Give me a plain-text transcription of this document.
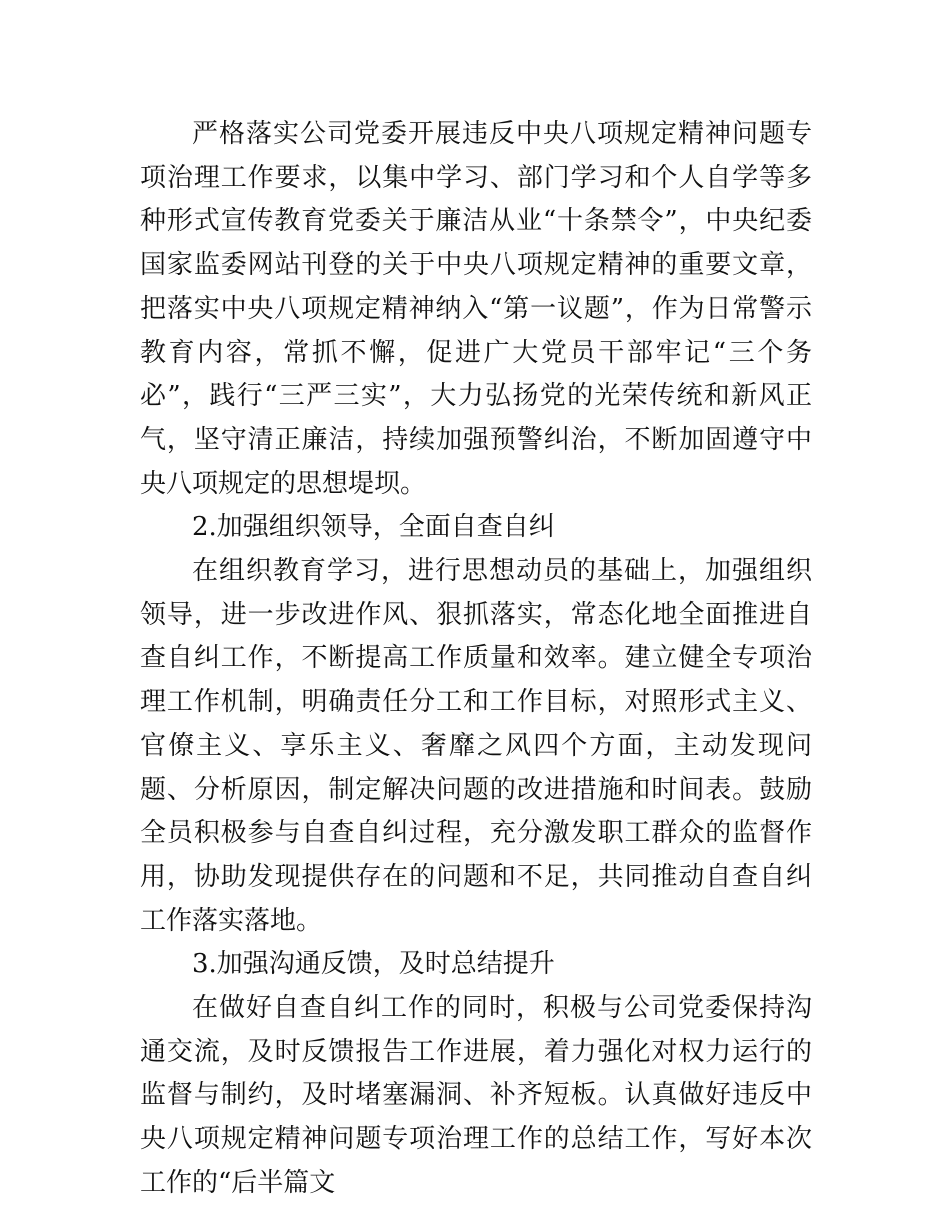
严格落实公司党委开展违反中央八项规定精神问题专项治理工作要求，以集中学习、部门学习和个人自学等多种形式宣传教育党委关于廉洁从业“十条禁令”，中央纪委国家监委网站刊登的关于中央八项规定精神的重要文章，把落实中央八项规定精神纳入“第一议题”，作为日常警示教育内容，常抓不懈，促进广大党员干部牢记“三个务必”，践行“三严三实”，大力弘扬党的光荣传统和新风正气，坚守清正廉洁，持续加强预警纠治，不断加固遵守中央八项规定的思想堤坝。

2.加强组织领导，全面自查自纠

在组织教育学习，进行思想动员的基础上，加强组织领导，进一步改进作风、狠抓落实，常态化地全面推进自查自纠工作，不断提高工作质量和效率。建立健全专项治理工作机制，明确责任分工和工作目标，对照形式主义、官僚主义、享乐主义、奢靡之风四个方面，主动发现问题、分析原因，制定解决问题的改进措施和时间表。鼓励全员积极参与自查自纠过程，充分激发职工群众的监督作用，协助发现提供存在的问题和不足，共同推动自查自纠工作落实落地。

3.加强沟通反馈，及时总结提升

在做好自查自纠工作的同时，积极与公司党委保持沟通交流，及时反馈报告工作进展，着力强化对权力运行的监督与制约，及时堵塞漏洞、补齐短板。认真做好违反中央八项规定精神问题专项治理工作的总结工作，写好本次工作的“后半篇文
